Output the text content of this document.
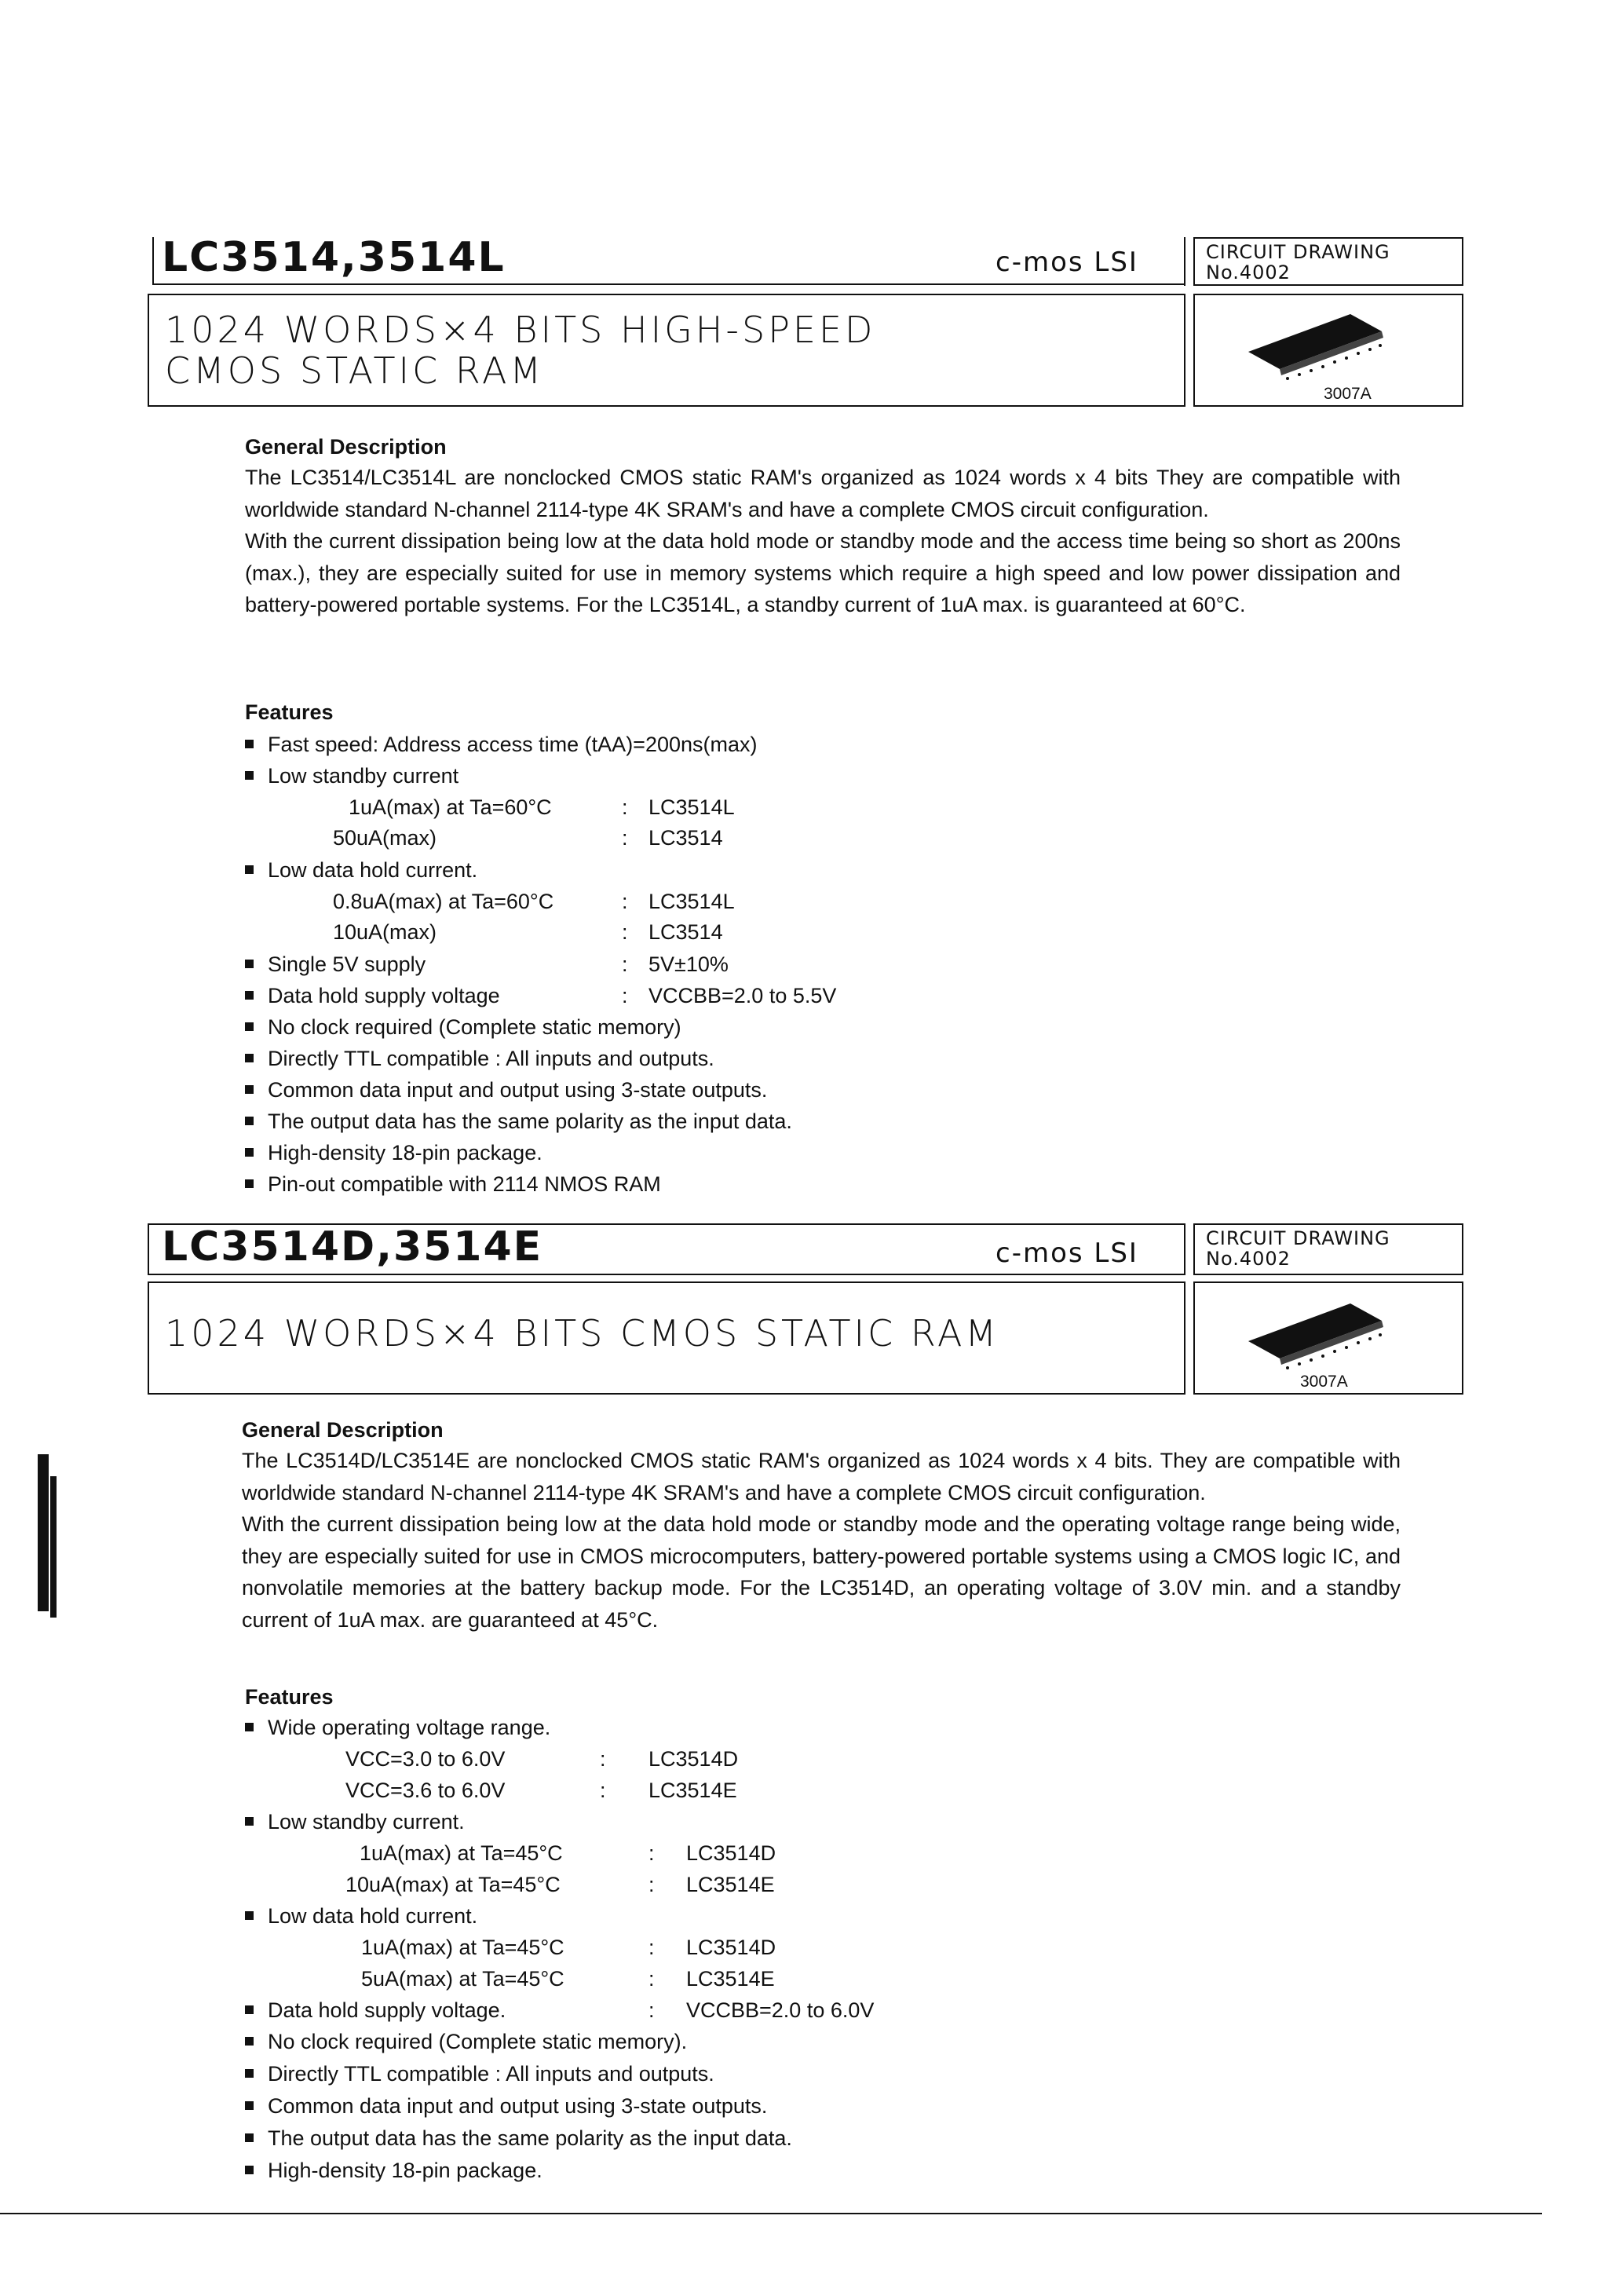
LC3514,3514L	c-mos LSI	CIRCUIT DRAWING
No.4002
1024 WORDS×4 BITS HIGH-SPEED
CMOS STATIC RAM
3007A
General Description

The LC3514/LC3514L are nonclocked CMOS static RAM's organized as 1024 words x 4 bits They are compatible with worldwide standard N-channel 2114-type 4K SRAM's and have a complete CMOS circuit configuration.

With the current dissipation being low at the data hold mode or standby mode and the access time being so short as 200ns (max.), they are especially suited for use in memory systems which require a high speed and low power dissipation and battery-powered portable systems. For the LC3514L, a standby current of 1uA max. is guaranteed at 60°C.

Features
Fast speed: Address access time (tAA)=200ns(max)
Low standby current
1uA(max) at Ta=60°C	: LC3514L
50uA(max)	: LC3514
Low data hold current.
0.8uA(max) at Ta=60°C	: LC3514L
10uA(max)	: LC3514
Single 5V supply	: 5V±10%
Data hold supply voltage	: VCCBB=2.0 to 5.5V
No clock required (Complete static memory)
Directly TTL compatible : All inputs and outputs.
Common data input and output using 3-state outputs.
The output data has the same polarity as the input data.
High-density 18-pin package.
Pin-out compatible with 2114 NMOS RAM
LC3514D,3514E	c-mos LSI	CIRCUIT DRAWING
No.4002
1024 WORDS×4 BITS CMOS STATIC RAM
3007A
General Description

The LC3514D/LC3514E are nonclocked CMOS static RAM's organized as 1024 words x 4 bits. They are compatible with worldwide standard N-channel 2114-type 4K SRAM's and have a complete CMOS circuit configuration.

With the current dissipation being low at the data hold mode or standby mode and the operating voltage range being wide, they are especially suited for use in CMOS microcomputers, battery-powered portable systems using a CMOS logic IC, and nonvolatile memories at the battery backup mode. For the LC3514D, an operating voltage of 3.0V min. and a standby current of 1uA max. are guaranteed at 45°C.

Features
Wide operating voltage range.
VCC=3.0 to 6.0V	: LC3514D
VCC=3.6 to 6.0V	: LC3514E
Low standby current.
1uA(max) at Ta=45°C	: LC3514D
10uA(max) at Ta=45°C	: LC3514E
Low data hold current.
1uA(max) at Ta=45°C	: LC3514D
5uA(max) at Ta=45°C	: LC3514E
Data hold supply voltage.	: VCCBB=2.0 to 6.0V
No clock required (Complete static memory).
Directly TTL compatible : All inputs and outputs.
Common data input and output using 3-state outputs.
The output data has the same polarity as the input data.
High-density 18-pin package.
